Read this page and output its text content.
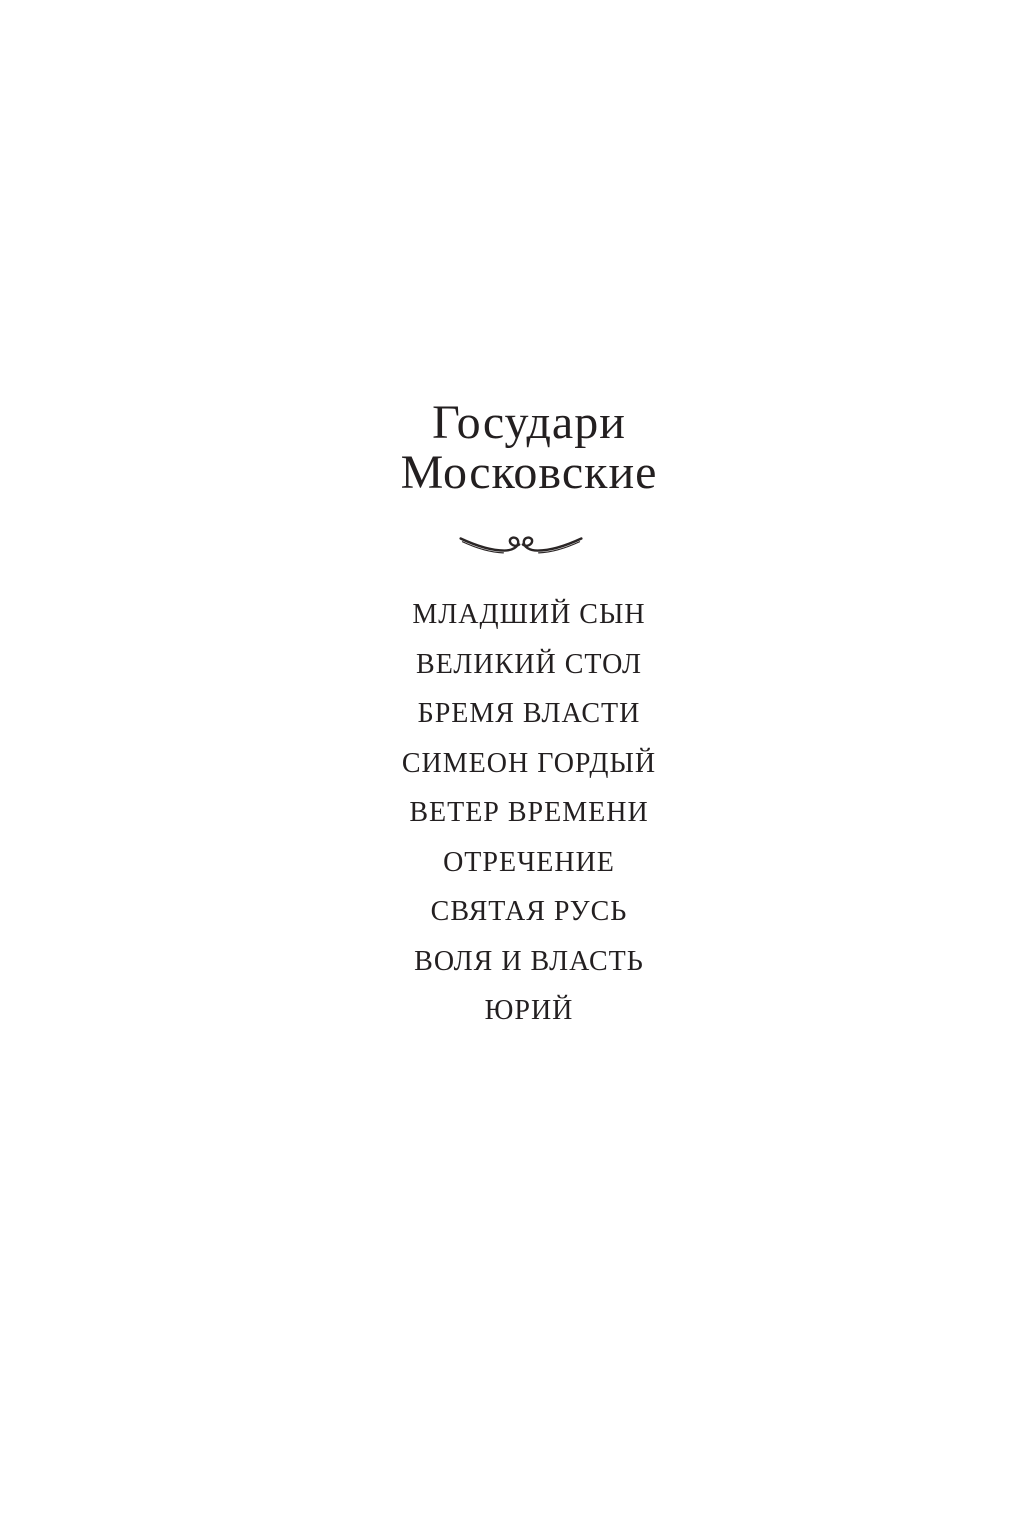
Государи
Московские
МЛАДШИЙ СЫН
ВЕЛИКИЙ СТОЛ
БРЕМЯ ВЛАСТИ
СИМЕОН ГОРДЫЙ
ВЕТЕР ВРЕМЕНИ
ОТРЕЧЕНИЕ
СВЯТАЯ РУСЬ
ВОЛЯ И ВЛАСТЬ
ЮРИЙ
